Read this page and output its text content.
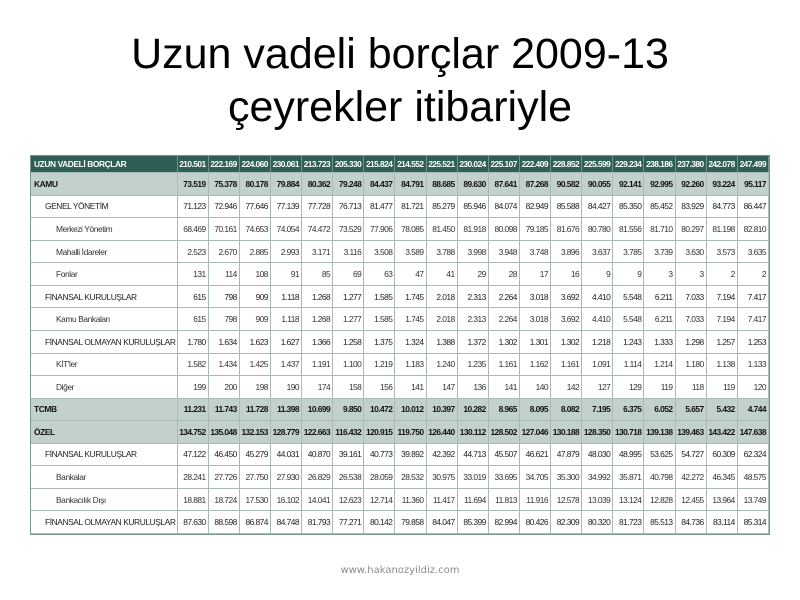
Uzun vadeli borçlar 2009-13
çeyrekler itibariyle
UZUN VADELİ BORÇLAR	210.501	222.169	224.060	230.061	213.723	205.330	215.824	214.552	225.521	230.024	225.107	222.409	228.852	225.599	229.234	238.186	237.380	242.078	247.499
KAMU	73.519	75.378	80.178	79.884	80.362	79.248	84.437	84.791	88.685	89.630	87.641	87.268	90.582	90.055	92.141	92.995	92.260	93.224	95.117
GENEL YÖNETİM	71.123	72.946	77.646	77.139	77.728	76.713	81.477	81.721	85.279	85.946	84.074	82.949	85.588	84.427	85.350	85.452	83.929	84.773	86.447
Merkezi Yönetim	68.469	70.161	74.653	74.054	74.472	73.529	77.906	78.085	81.450	81.918	80.098	79.185	81.676	80.780	81.556	81.710	80.297	81.198	82.810
Mahalli İdareler	2.523	2.670	2.885	2.993	3.171	3.116	3.508	3.589	3.788	3.998	3.948	3.748	3.896	3.637	3.785	3.739	3.630	3.573	3.635
Fonlar	131	114	108	91	85	69	63	47	41	29	28	17	16	9	9	3	3	2	2
FİNANSAL KURULUŞLAR	615	798	909	1.118	1.268	1.277	1.585	1.745	2.018	2.313	2.264	3.018	3.692	4.410	5.548	6.211	7.033	7.194	7.417
Kamu Bankaları	615	798	909	1.118	1.268	1.277	1.585	1.745	2.018	2.313	2.264	3.018	3.692	4.410	5.548	6.211	7.033	7.194	7.417
FİNANSAL OLMAYAN KURULUŞLAR	1.780	1.634	1.623	1.627	1.366	1.258	1.375	1.324	1.388	1.372	1.302	1.301	1.302	1.218	1.243	1.333	1.298	1.257	1.253
KİT'ler	1.582	1.434	1.425	1.437	1.191	1.100	1.219	1.183	1.240	1.235	1.161	1.162	1.161	1.091	1.114	1.214	1.180	1.138	1.133
Diğer	199	200	198	190	174	158	156	141	147	136	141	140	142	127	129	119	118	119	120
TCMB	11.231	11.743	11.728	11.398	10.699	9.850	10.472	10.012	10.397	10.282	8.965	8.095	8.082	7.195	6.375	6.052	5.657	5.432	4.744
ÖZEL	134.752	135.048	132.153	128.779	122.663	116.432	120.915	119.750	126.440	130.112	128.502	127.046	130.188	128.350	130.718	139.138	139.463	143.422	147.638
FİNANSAL KURULUŞLAR	47.122	46.450	45.279	44.031	40.870	39.161	40.773	39.892	42.392	44.713	45.507	46.621	47.879	48.030	48.995	53.625	54.727	60.309	62.324
Bankalar	28.241	27.726	27.750	27.930	26.829	26.538	28.059	28.532	30.975	33.019	33.695	34.705	35.300	34.992	35.871	40.798	42.272	46.345	48.575
Bankacılık Dışı	18.881	18.724	17.530	16.102	14.041	12.623	12.714	11.360	11.417	11.694	11.813	11.916	12.578	13.039	13.124	12.828	12.455	13.964	13.749
FİNANSAL OLMAYAN KURULUŞLAR	87.630	88.598	86.874	84.748	81.793	77.271	80.142	79.858	84.047	85.399	82.994	80.426	82.309	80.320	81.723	85.513	84.736	83.114	85.314
www.hakanozyildiz.com
